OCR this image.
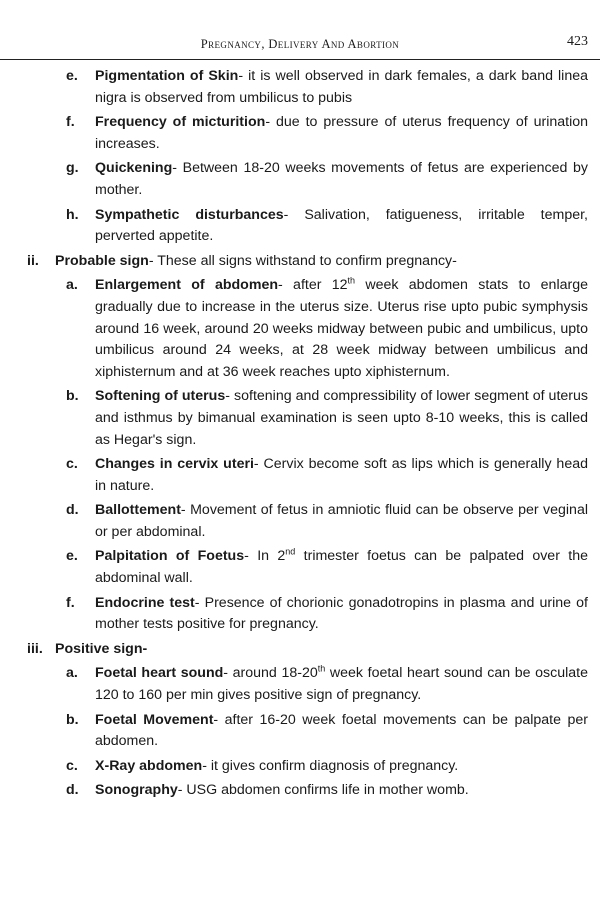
Pregnancy, Delivery And Abortion	423
e.	Pigmentation of Skin- it is well observed in dark females, a dark band linea nigra is observed from umbilicus to pubis
f.	Frequency of micturition- due to pressure of uterus frequency of urination increases.
g.	Quickening- Between 18-20 weeks movements of fetus are experienced by mother.
h.	Sympathetic disturbances- Salivation, fatigueness, irritable temper, perverted appetite.
ii. Probable sign- These all signs withstand to confirm pregnancy-
a.	Enlargement of abdomen- after 12th week abdomen stats to enlarge gradually due to increase in the uterus size. Uterus rise upto pubic symphysis around 16 week, around 20 weeks midway between pubic and umbilicus, upto umbilicus around 24 weeks, at 28 week midway between umbilicus and xiphisternum and at 36 week reaches upto xiphisternum.
b.	Softening of uterus- softening and compressibility of lower segment of uterus and isthmus by bimanual examination is seen upto 8-10 weeks, this is called as Hegar's sign.
c.	Changes in cervix uteri- Cervix become soft as lips which is generally head in nature.
d.	Ballottement- Movement of fetus in amniotic fluid can be observe per veginal or per abdominal.
e.	Palpitation of Foetus- In 2nd trimester foetus can be palpated over the abdominal wall.
f.	Endocrine test- Presence of chorionic gonadotropins in plasma and urine of mother tests positive for pregnancy.
iii. Positive sign-
a.	Foetal heart sound- around 18-20th week foetal heart sound can be osculate 120 to 160 per min gives positive sign of pregnancy.
b.	Foetal Movement- after 16-20 week foetal movements can be palpate per abdomen.
c.	X-Ray abdomen- it gives confirm diagnosis of pregnancy.
d.	Sonography- USG abdomen confirms life in mother womb.
